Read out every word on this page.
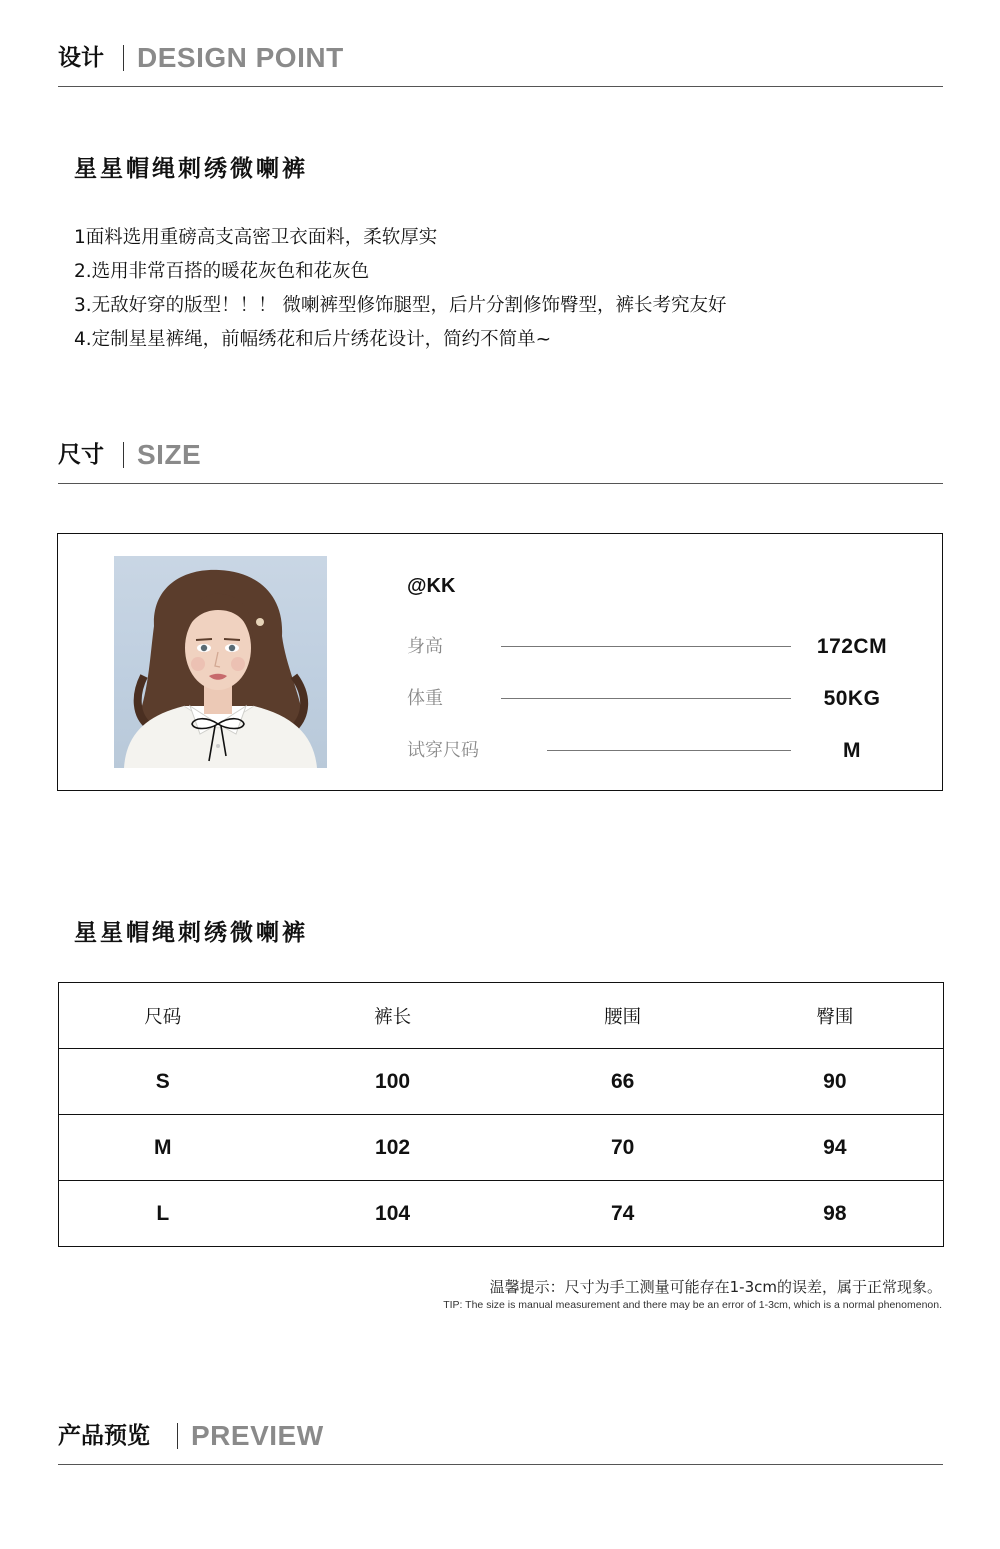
设计 DESIGN POINT
星星帽绳刺绣微喇裤
1面料选用重磅高支高密卫衣面料，柔软厚实
2.选用非常百搭的暖花灰色和花灰色
3.无敌好穿的版型！！！ 微喇裤型修饰腿型，后片分割修饰臀型，裤长考究友好
4.定制星星裤绳，前幅绣花和后片绣花设计，简约不简单~
尺寸 SIZE
@KK
身高	172CM
体重	50KG
试穿尺码	M
星星帽绳刺绣微喇裤
尺码	裤长	腰围	臀围
S	100	66	90
M	102	70	94
L	104	74	98
温馨提示：尺寸为手工测量可能存在1-3cm的误差，属于正常现象。
TIP: The size is manual measurement and there may be an error of 1-3cm, which is a normal phenomenon.
产品预览 PREVIEW
